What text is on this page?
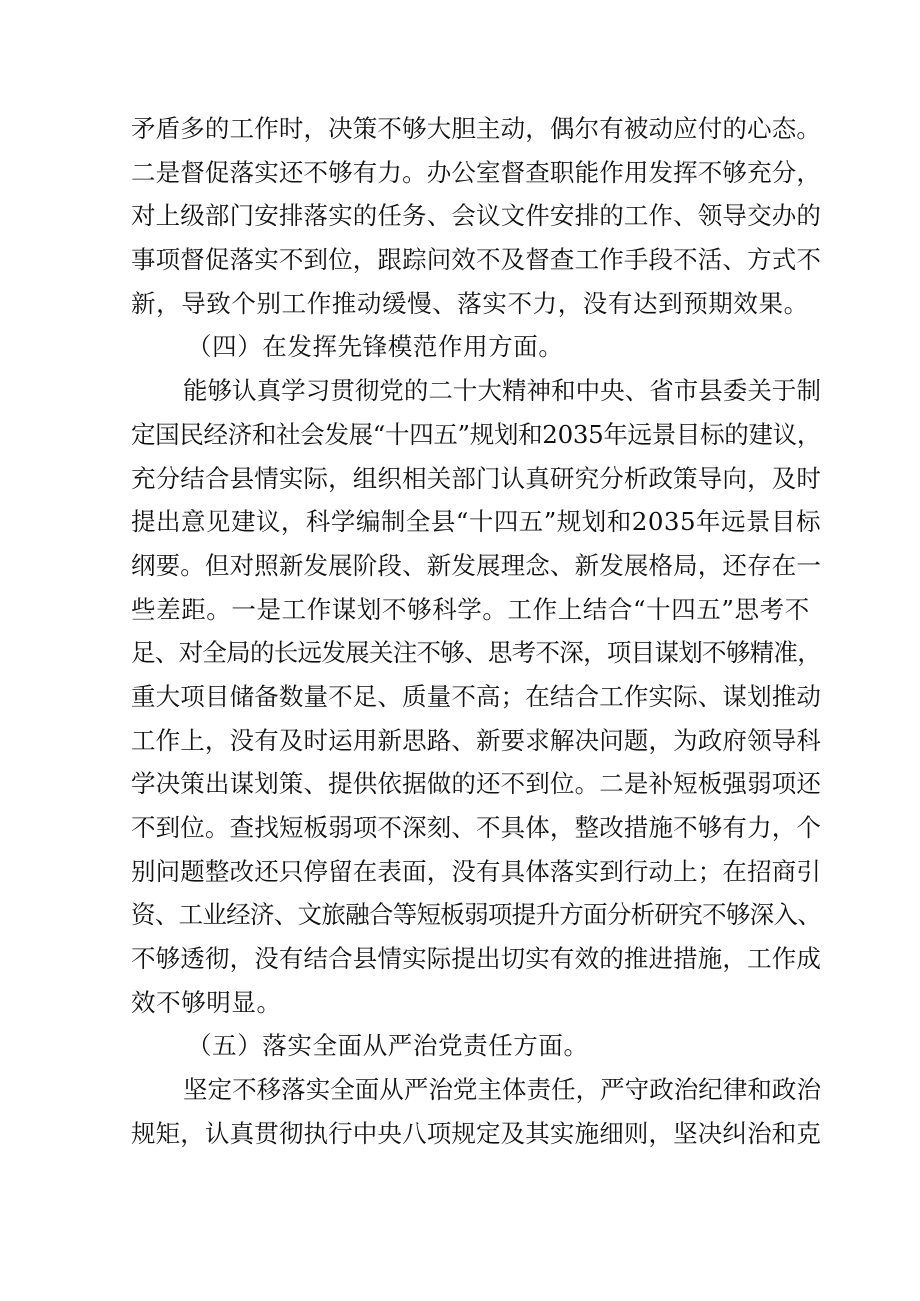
矛盾多的工作时，决策不够大胆主动，偶尔有被动应付的心态。
二是督促落实还不够有力。办公室督查职能作用发挥不够充分，
对上级部门安排落实的任务、会议文件安排的工作、领导交办的
事项督促落实不到位，跟踪问效不及督查工作手段不活、方式不
新，导致个别工作推动缓慢、落实不力，没有达到预期效果。
（四）在发挥先锋模范作用方面。
能够认真学习贯彻党的二十大精神和中央、省市县委关于制
定国民经济和社会发展“十四五”规划和2035年远景目标的建议，
充分结合县情实际，组织相关部门认真研究分析政策导向，及时
提出意见建议，科学编制全县“十四五”规划和2035年远景目标
纲要。但对照新发展阶段、新发展理念、新发展格局，还存在一
些差距。一是工作谋划不够科学。工作上结合“十四五”思考不
足、对全局的长远发展关注不够、思考不深，项目谋划不够精准，
重大项目储备数量不足、质量不高；在结合工作实际、谋划推动
工作上，没有及时运用新思路、新要求解决问题，为政府领导科
学决策出谋划策、提供依据做的还不到位。二是补短板强弱项还
不到位。查找短板弱项不深刻、不具体，整改措施不够有力，个
别问题整改还只停留在表面，没有具体落实到行动上；在招商引
资、工业经济、文旅融合等短板弱项提升方面分析研究不够深入、
不够透彻，没有结合县情实际提出切实有效的推进措施，工作成
效不够明显。
（五）落实全面从严治党责任方面。
坚定不移落实全面从严治党主体责任，严守政治纪律和政治
规矩，认真贯彻执行中央八项规定及其实施细则，坚决纠治和克
